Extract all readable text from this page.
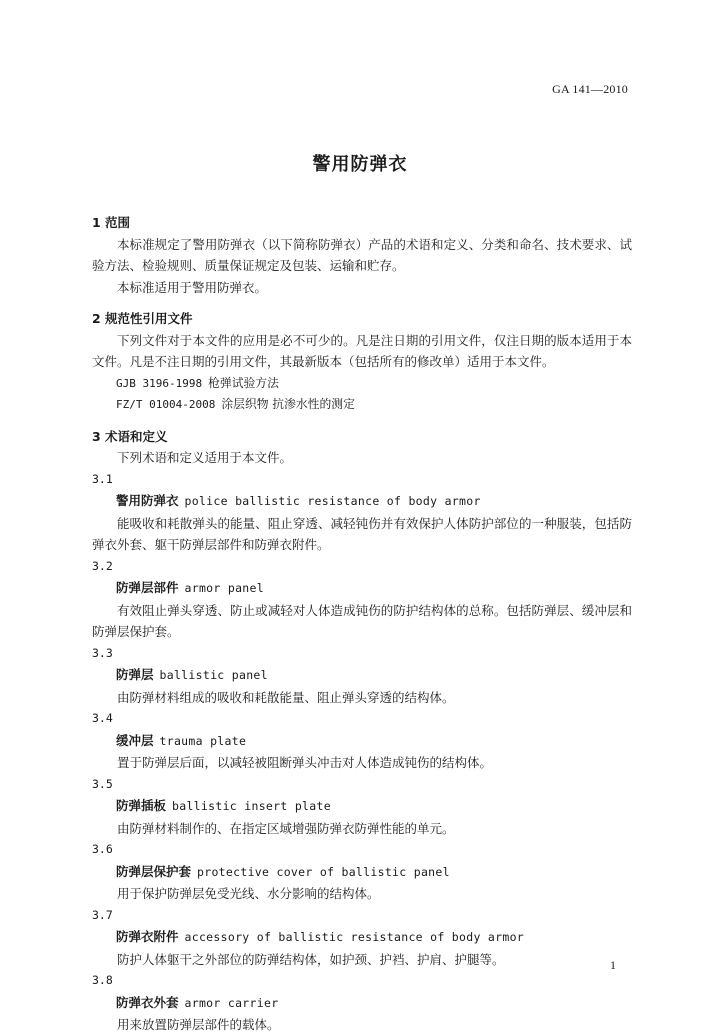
GA 141—2010
警用防弹衣
1 范围

本标准规定了警用防弹衣（以下简称防弹衣）产品的术语和定义、分类和命名、技术要求、试验方法、检验规则、质量保证规定及包装、运输和贮存。

本标准适用于警用防弹衣。

2 规范性引用文件

下列文件对于本文件的应用是必不可少的。凡是注日期的引用文件，仅注日期的版本适用于本文件。凡是不注日期的引用文件，其最新版本（包括所有的修改单）适用于本文件。

GJB 3196-1998 枪弹试验方法

FZ/T 01004-2008 涂层织物 抗渗水性的测定

3 术语和定义

下列术语和定义适用于本文件。

3.1

警用防弹衣 police ballistic resistance of body armor

能吸收和耗散弹头的能量、阻止穿透、减轻钝伤并有效保护人体防护部位的一种服装，包括防弹衣外套、躯干防弹层部件和防弹衣附件。

3.2

防弹层部件 armor panel

有效阻止弹头穿透、防止或减轻对人体造成钝伤的防护结构体的总称。包括防弹层、缓冲层和防弹层保护套。

3.3

防弹层 ballistic panel

由防弹材料组成的吸收和耗散能量、阻止弹头穿透的结构体。

3.4

缓冲层 trauma plate

置于防弹层后面，以减轻被阻断弹头冲击对人体造成钝伤的结构体。

3.5

防弹插板 ballistic insert plate

由防弹材料制作的、在指定区域增强防弹衣防弹性能的单元。

3.6

防弹层保护套 protective cover of ballistic panel

用于保护防弹层免受光线、水分影响的结构体。

3.7

防弹衣附件 accessory of ballistic resistance of body armor

防护人体躯干之外部位的防弹结构体，如护颈、护裆、护肩、护腿等。

3.8

防弹衣外套 armor carrier

用来放置防弹层部件的载体。

1
